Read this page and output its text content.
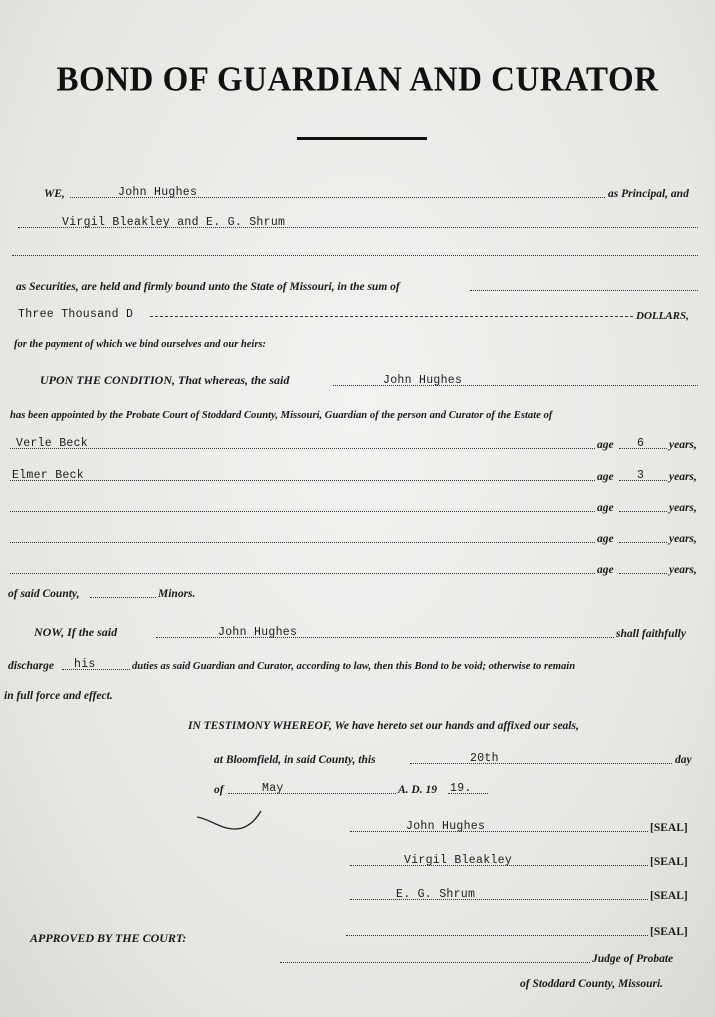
BOND OF GUARDIAN AND CURATOR
WE,	John Hughes	as Principal, and
Virgil Bleakley and E. G. Shrum
as Securities, are held and firmly bound unto the State of Missouri, in the sum of
Three Thousand D	DOLLARS,
for the payment of which we bind ourselves and our heirs:
UPON THE CONDITION, That whereas, the said	John Hughes
has been appointed by the Probate Court of Stoddard County, Missouri, Guardian of the person and Curator of the Estate of
Verle Beck	age 6 years,
Elmer Beck	age 3 years,
age	years,
age	years,
age	years,
of said County,	Minors.
NOW, If the said	John Hughes	shall faithfully
discharge his	duties as said Guardian and Curator, according to law, then this Bond to be void; otherwise to remain
in full force and effect.
IN TESTIMONY WHEREOF, We have hereto set our hands and affixed our seals,
at Bloomfield, in said County, this	20th	day
of	May	A. D. 19 19.
John Hughes	[SEAL]
Virgil Bleakley	[SEAL]
E. G. Shrum	[SEAL]
[SEAL]
APPROVED BY THE COURT:
Judge of Probate
of Stoddard County, Missouri.
